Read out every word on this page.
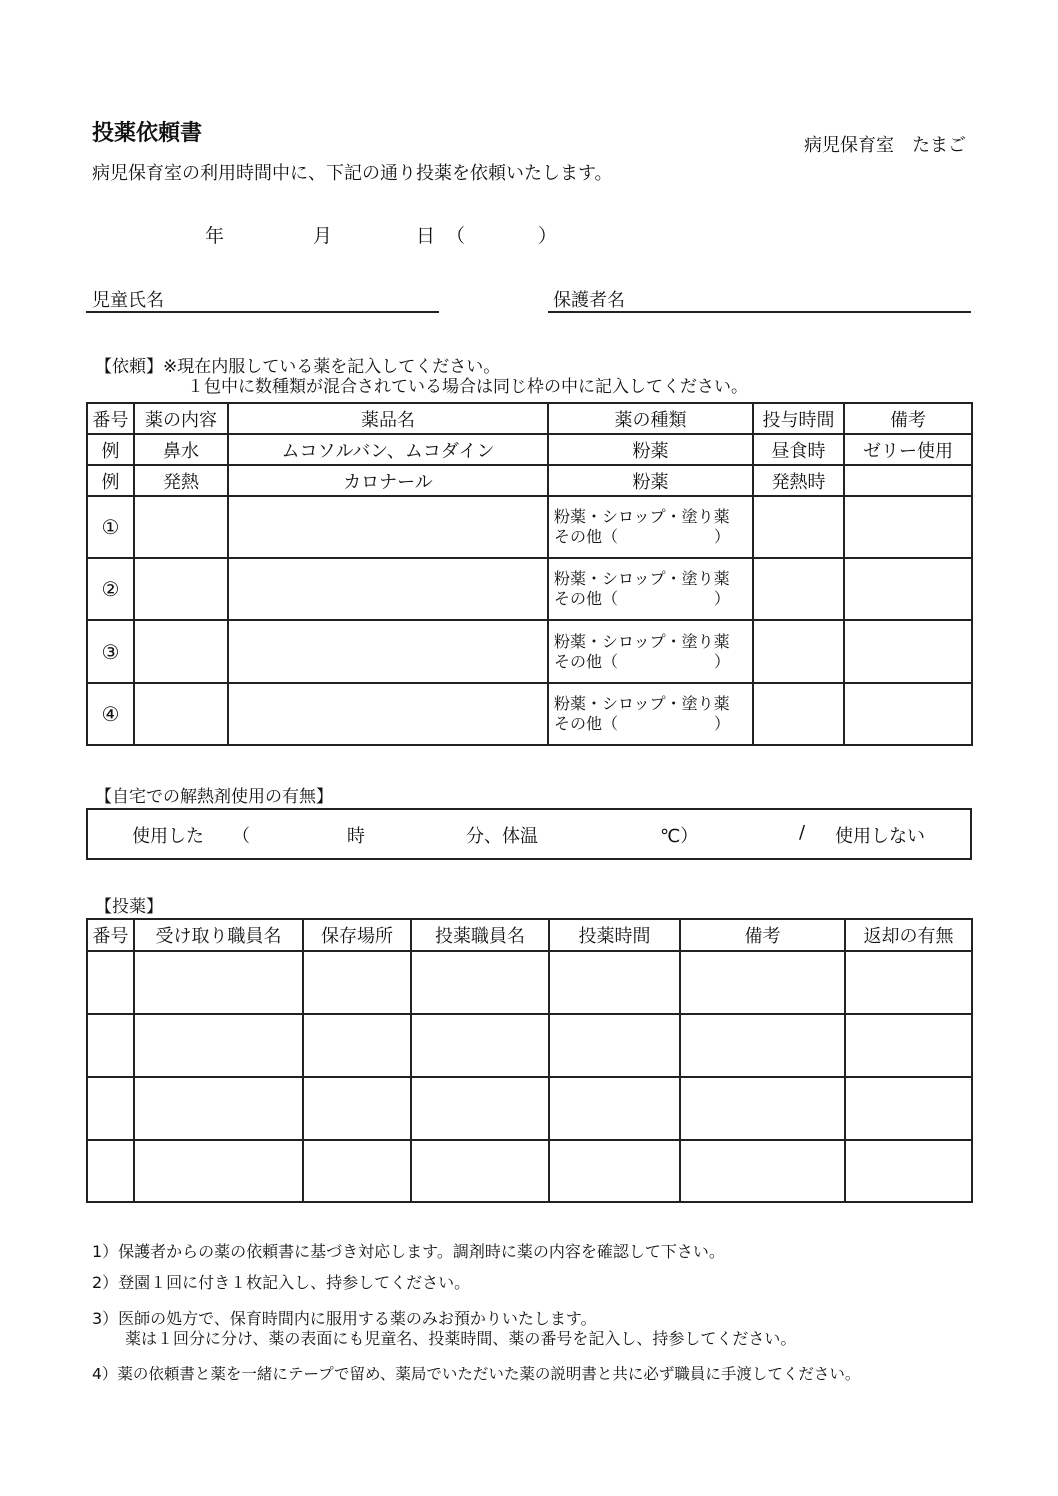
投薬依頼書	病児保育室　たまご
病児保育室の利用時間中に、下記の通り投薬を依頼いたします。
年	月	日 （	）
児童氏名	保護者名
【依頼】※現在内服している薬を記入してください。
１包中に数種類が混合されている場合は同じ枠の中に記入してください。
番号	薬の内容	薬品名	薬の種類	投与時間	備考
例	鼻水	ムコソルバン、ムコダイン	粉薬	昼食時	ゼリー使用
例	発熱	カロナール	粉薬	発熱時	
①			粉薬・シロップ・塗り薬
その他（　　　　　　）		

②			粉薬・シロップ・塗り薬
その他（　　　　　　）		

③			粉薬・シロップ・塗り薬
その他（　　　　　　）		

④			粉薬・シロップ・塗り薬
その他（　　　　　　）		

【自宅での解熱剤使用の有無】
使用した （	時	分、体温	℃）	/ 使用しない
【投薬】
番号	受け取り職員名	保存場所	投薬職員名	投薬時間	備考	返却の有無

1）保護者からの薬の依頼書に基づき対応します。調剤時に薬の内容を確認して下さい。
2）登園１回に付き１枚記入し、持参してください。
3）医師の処方で、保育時間内に服用する薬のみお預かりいたします。
薬は１回分に分け、薬の表面にも児童名、投薬時間、薬の番号を記入し、持参してください。
4）薬の依頼書と薬を一緒にテープで留め、薬局でいただいた薬の説明書と共に必ず職員に手渡してください。
